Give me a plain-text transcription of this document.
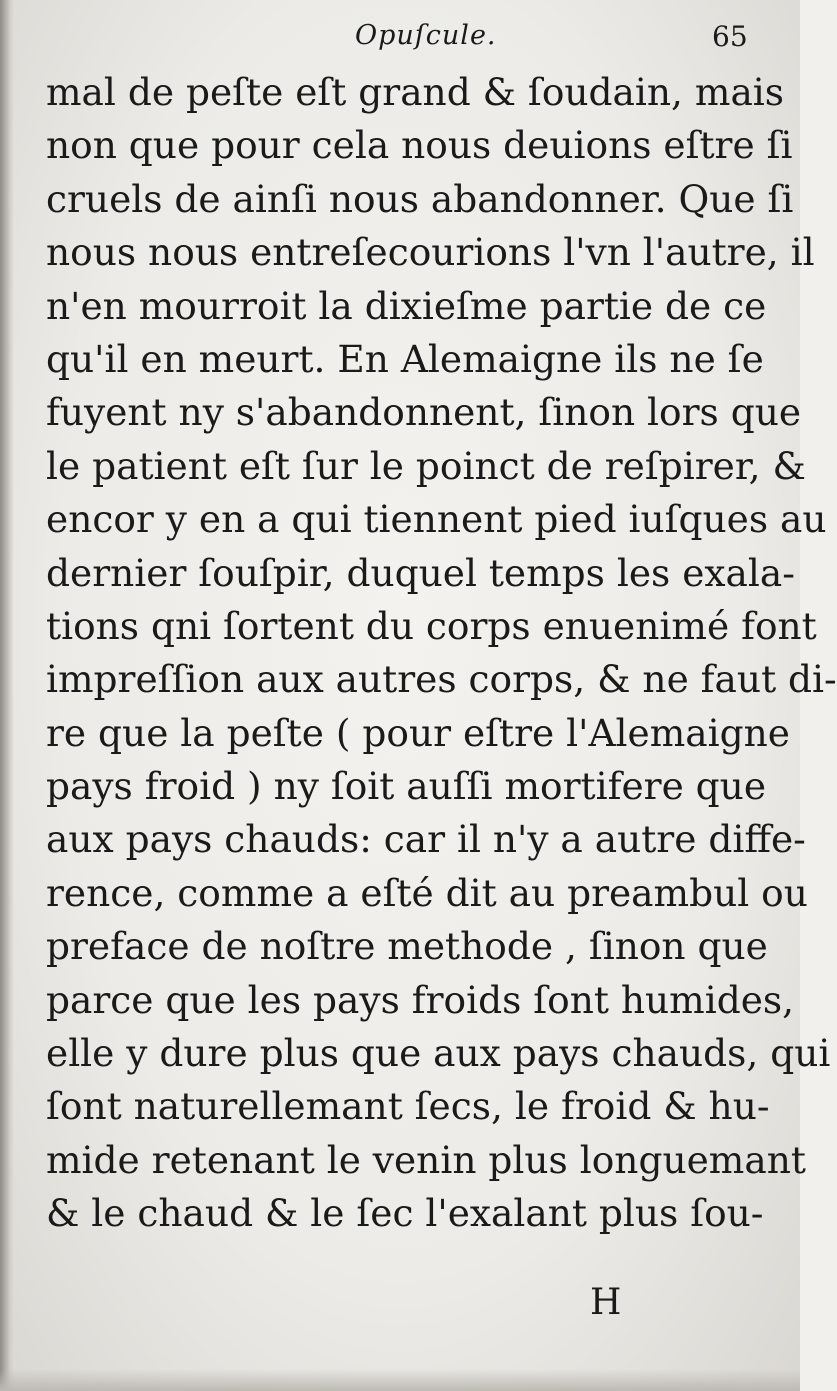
Opuſcule.	65
mal de peſte eſt grand & ſoudain, mais
non que pour cela nous deuions eſtre ſi
cruels de ainſi nous abandonner. Que ſi
nous nous entreſecourions l'vn l'autre, il
n'en mourroit la dixieſme partie de ce
qu'il en meurt. En Alemaigne ils ne ſe
fuyent ny s'abandonnent, ſinon lors que
le patient eſt ſur le poinct de reſpirer, &
encor y en a qui tiennent pied iuſques au
dernier ſouſpir, duquel temps les exala-
tions qni ſortent du corps enuenimé font
impreſſion aux autres corps, & ne faut di-
re que la peſte ( pour eſtre l'Alemaigne
pays froid ) ny ſoit auſſi mortifere que
aux pays chauds: car il n'y a autre diffe-
rence, comme a eſté dit au preambul ou
preface de noſtre methode , ſinon que
parce que les pays froids ſont humides,
elle y dure plus que aux pays chauds, qui
ſont naturellemant ſecs, le froid & hu-
mide retenant le venin plus longuemant
& le chaud & le ſec l'exalant plus ſou-
H
